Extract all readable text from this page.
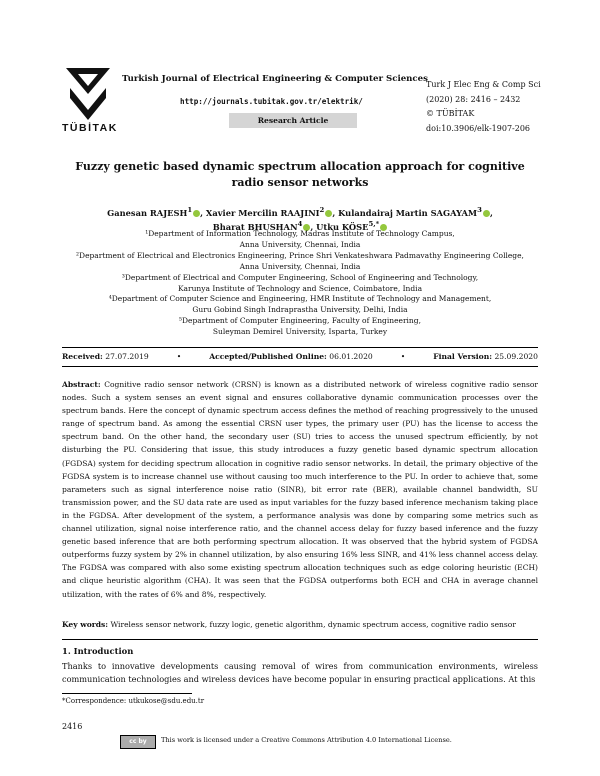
TÜBİTAK
Turkish Journal of Electrical Engineering & Computer Sciences
http://journals.tubitak.gov.tr/elektrik/
Research Article
Turk J Elec Eng & Comp Sci
(2020) 28: 2416 – 2432
© TÜBİTAK
doi:10.3906/elk-1907-206
Fuzzy genetic based dynamic spectrum allocation approach for cognitive radio sensor networks
Ganesan RAJESH$^1$ , Xavier Mercilin RAAJINI$^2$ , Kulandairaj Martin SAGAYAM$^3$ ,
Bharat BHUSHAN$^4$ , Utku $KÖSE^{5,*}$
¹Department of Information Technology, Madras Institute of Technology Campus,
Anna University, Chennai, India
²Department of Electrical and Electronics Engineering, Prince Shri Venkateshwara Padmavathy Engineering College,
Anna University, Chennai, India
³Department of Electrical and Computer Engineering, School of Engineering and Technology,
Karunya Institute of Technology and Science, Coimbatore, India
⁴Department of Computer Science and Engineering, HMR Institute of Technology and Management,
Guru Gobind Singh Indraprastha University, Delhi, India
⁵Department of Computer Engineering, Faculty of Engineering,
Suleyman Demirel University, Isparta, Turkey
Received: 27.07.2019	•	Accepted/Published Online: 06.01.2020	•	Final Version: 25.09.2020
Abstract: Cognitive radio sensor network (CRSN) is known as a distributed network of wireless cognitive radio sensor nodes. Such a system senses an event signal and ensures collaborative dynamic communication processes over the spectrum bands. Here the concept of dynamic spectrum access defines the method of reaching progressively to the unused range of spectrum band. As among the essential CRSN user types, the primary user (PU) has the license to access the spectrum band. On the other hand, the secondary user (SU) tries to access the unused spectrum efficiently, by not disturbing the PU. Considering that issue, this study introduces a fuzzy genetic based dynamic spectrum allocation (FGDSA) system for deciding spectrum allocation in cognitive radio sensor networks. In detail, the primary objective of the FGDSA system is to increase channel use without causing too much interference to the PU. In order to achieve that, some parameters such as signal interference noise ratio (SINR), bit error rate (BER), available channel bandwidth, SU transmission power, and the SU data rate are used as input variables for the fuzzy based inference mechanism taking place in the FGDSA. After development of the system, a performance analysis was done by comparing some metrics such as channel utilization, signal noise interference ratio, and the channel access delay for fuzzy based inference and the fuzzy genetic based inference that are both performing spectrum allocation. It was observed that the hybrid system of FGDSA outperforms fuzzy system by 2% in channel utilization, by also ensuring 16% less SINR, and 41% less channel access delay. The FGDSA was compared with also some existing spectrum allocation techniques such as edge coloring heuristic (ECH) and clique heuristic algorithm (CHA). It was seen that the FGDSA outperforms both ECH and CHA in average channel utilization, with the rates of 6% and 8%, respectively.
Key words: Wireless sensor network, fuzzy logic, genetic algorithm, dynamic spectrum access, cognitive radio sensor
1. Introduction
Thanks to innovative developments causing removal of wires from communication environments, wireless communication technologies and wireless devices have become popular in ensuring practical applications. At this
*Correspondence: utkukose@sdu.edu.tr
2416
cc by	This work is licensed under a Creative Commons Attribution 4.0 International License.
